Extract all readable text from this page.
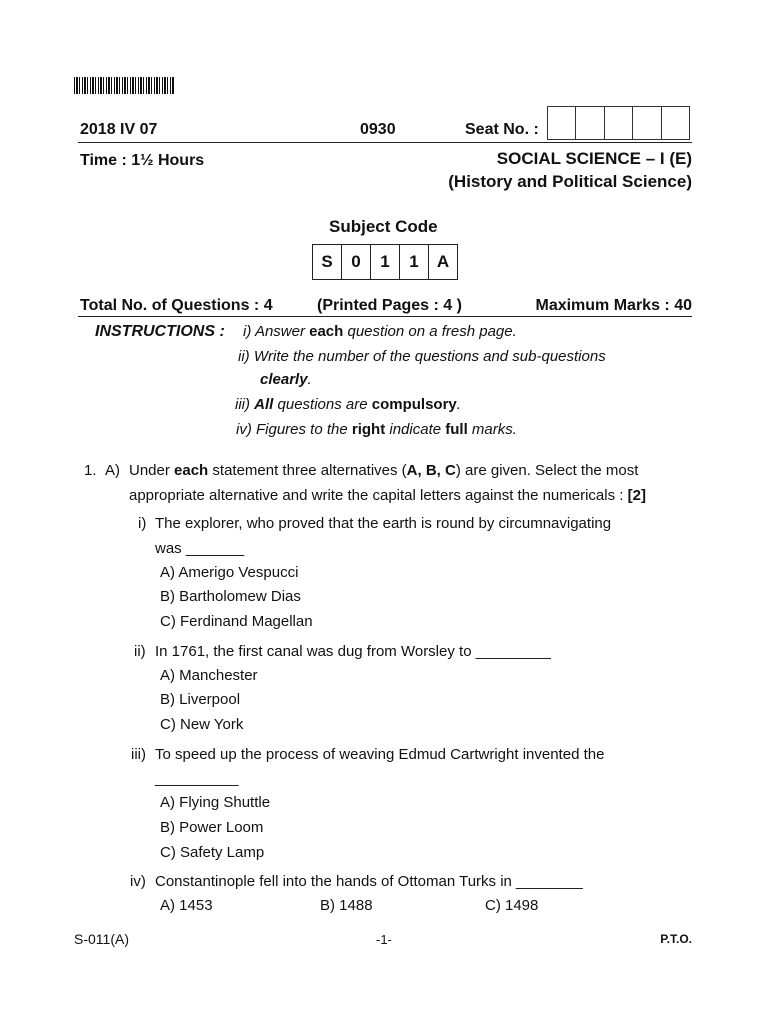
2018 IV 07	0930	Seat No. :
Time : 1½ Hours	SOCIAL SCIENCE – I (E)
(History and Political Science)
Subject Code
S	0	1	1	A
Total No. of Questions : 4	(Printed Pages : 4 )	Maximum Marks : 40
INSTRUCTIONS : i) Answer each question on a fresh page.
ii) Write the number of the questions and sub-questions
clearly.
iii) All questions are compulsory.
iv) Figures to the right indicate full marks.
1. A) Under each statement three alternatives (A, B, C) are given. Select the most
appropriate alternative and write the capital letters against the numericals : [2]
i) The explorer, who proved that the earth is round by circumnavigating
was _______
A) Amerigo Vespucci
B) Bartholomew Dias
C) Ferdinand Magellan
ii) In 1761, the first canal was dug from Worsley to _________
A) Manchester
B) Liverpool
C) New York
iii) To speed up the process of weaving Edmud Cartwright invented the
__________
A) Flying Shuttle
B) Power Loom
C) Safety Lamp
iv) Constantinople fell into the hands of Ottoman Turks in ________
A) 1453	B) 1488	C) 1498
S-011(A)	-1-	P.T.O.
